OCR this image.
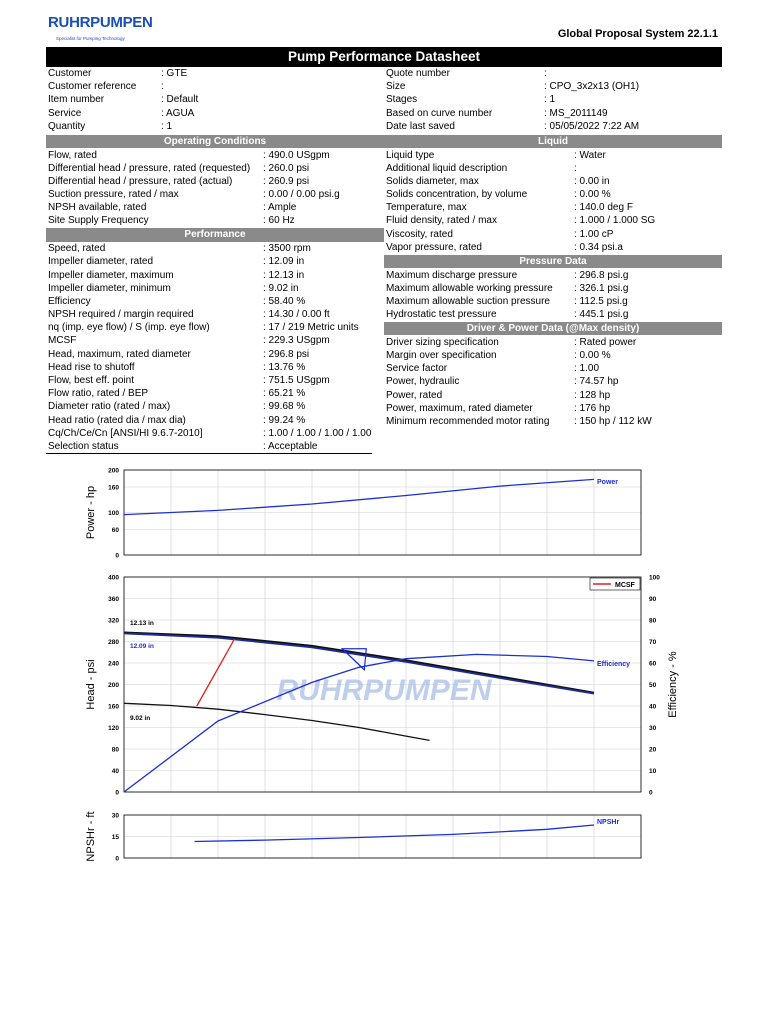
RUHRPUMPEN
Specialist for Pumping Technology	Global Proposal System 22.1.1
Pump Performance Datasheet
Customer	: GTE
Customer reference :
Item number	: Default
Service	: AGUA
Quantity	: 1
Quote number	:
Size	: CPO_3x2x13 (OH1)
Stages	: 1
Based on curve number	: MS_2011149
Date last saved	: 05/05/2022 7:22 AM
Operating Conditions
Flow, rated	: 490.0 USgpm
Differential head / pressure, rated (requested) : 260.0 psi
Differential head / pressure, rated (actual)	: 260.9 psi
Suction pressure, rated / max	: 0.00 / 0.00 psi.g
NPSH available, rated	: Ample
Site Supply Frequency	: 60 Hz
Performance
Speed, rated	: 3500 rpm
Impeller diameter, rated	: 12.09 in
Impeller diameter, maximum	: 12.13 in
Impeller diameter, minimum	: 9.02 in
Efficiency	: 58.40 %
NPSH required / margin required	: 14.30 / 0.00 ft
nq (imp. eye flow) / S (imp. eye flow)	: 17 / 219 Metric units
MCSF	: 229.3 USgpm
Head, maximum, rated diameter	: 296.8 psi
Head rise to shutoff	: 13.76 %
Flow, best eff. point	: 751.5 USgpm
Flow ratio, rated / BEP	: 65.21 %
Diameter ratio (rated / max)	: 99.68 %
Head ratio (rated dia / max dia)	: 99.24 %
Cq/Ch/Ce/Cn [ANSI/HI 9.6.7-2010]	: 1.00 / 1.00 / 1.00 / 1.00
Selection status	: Acceptable
Liquid
Liquid type	: Water
Additional liquid description	:
Solids diameter, max	: 0.00 in
Solids concentration, by volume	: 0.00 %
Temperature, max	: 140.0 deg F
Fluid density, rated / max	: 1.000 / 1.000 SG
Viscosity, rated	: 1.00 cP
Vapor pressure, rated	: 0.34 psi.a
Pressure Data
Maximum discharge pressure	: 296.8 psi.g
Maximum allowable working pressure : 326.1 psi.g
Maximum allowable suction pressure : 112.5 psi.g
Hydrostatic test pressure	: 445.1 psi.g
Driver & Power Data (@Max density)
Driver sizing specification	: Rated power
Margin over specification	: 0.00 %
Service factor	: 1.00
Power, hydraulic	: 74.57 hp
Power, rated	: 128 hp
Power, maximum, rated diameter	: 176 hp
Minimum recommended motor rating : 150 hp / 112 kW
0
60
100
160
200
Power - hp
Power
0
40
80
120
160
200
240
280
320
360
400
Head - psi
0
10
20
30
40
50
60
70
80
90
100
Efficiency - %
RUHRPUMPEN
MCSF
12.13 in
12.09 in
9.02 in
Efficiency
0
15
30
NPSHr - ft	NPSHr
